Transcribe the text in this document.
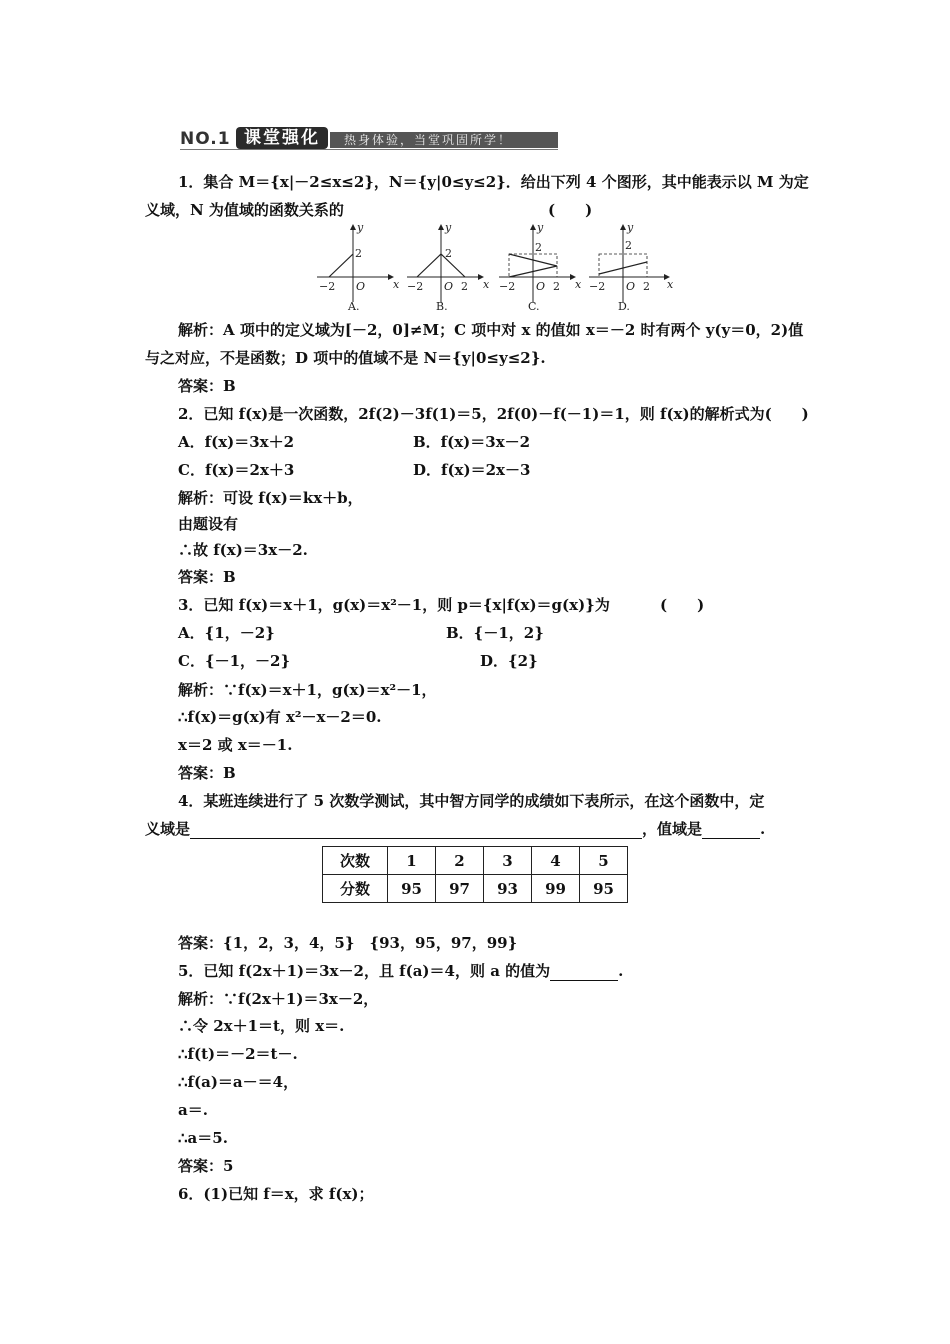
NO.1 课堂强化	热身体验，当堂巩固所学！
1．集合 M＝{x|－2≤x≤2}，N＝{y|0≤y≤2}．给出下列 4 个图形，其中能表示以 M 为定
义域，N 为值域的函数关系的	(　　)
y
x
2
−2 O
A.
y
x
2
−2 O 2
B.
y
x
2
−2 O 2
C.
y
x
2
−2 O 2
D.
解析：A 项中的定义域为[－2，0]≠M；C 项中对 x 的值如 x＝－2 时有两个 y(y＝0，2)值
与之对应，不是函数；D 项中的值域不是 N＝{y|0≤y≤2}.
答案：B
2．已知 f(x)是一次函数，2f(2)－3f(1)＝5，2f(0)－f(－1)＝1，则 f(x)的解析式为(　　)
A．f(x)＝3x＋2	B．f(x)＝3x－2
C．f(x)＝2x＋3	D．f(x)＝2x－3
解析：可设 f(x)＝kx＋b，
由题设有
∴故 f(x)＝3x－2.
答案：B
3．已知 f(x)＝x＋1，g(x)＝x²－1，则 p＝{x|f(x)＝g(x)}为	(　　)
A．{1，－2}	B．{－1，2}
C．{－1，－2}	D．{2}
解析：∵f(x)＝x＋1，g(x)＝x²－1，
∴f(x)＝g(x)有 x²－x－2＝0.
x＝2 或 x＝－1.
答案：B
4．某班连续进行了 5 次数学测试，其中智方同学的成绩如下表所示，在这个函数中，定
义域是	，值域是	.
次数	1	2	3	4	5
分数	95	97	93	99	95
答案：{1，2，3，4，5}　{93，95，97，99}
5．已知 f(2x＋1)＝3x－2，且 f(a)＝4，则 a 的值为	.
解析：∵f(2x＋1)＝3x－2，
∴令 2x＋1＝t，则 x＝.
∴f(t)＝－2＝t－.
∴f(a)＝a－＝4，
a＝.
∴a＝5.
答案：5
6．(1)已知 f＝x，求 f(x)；
